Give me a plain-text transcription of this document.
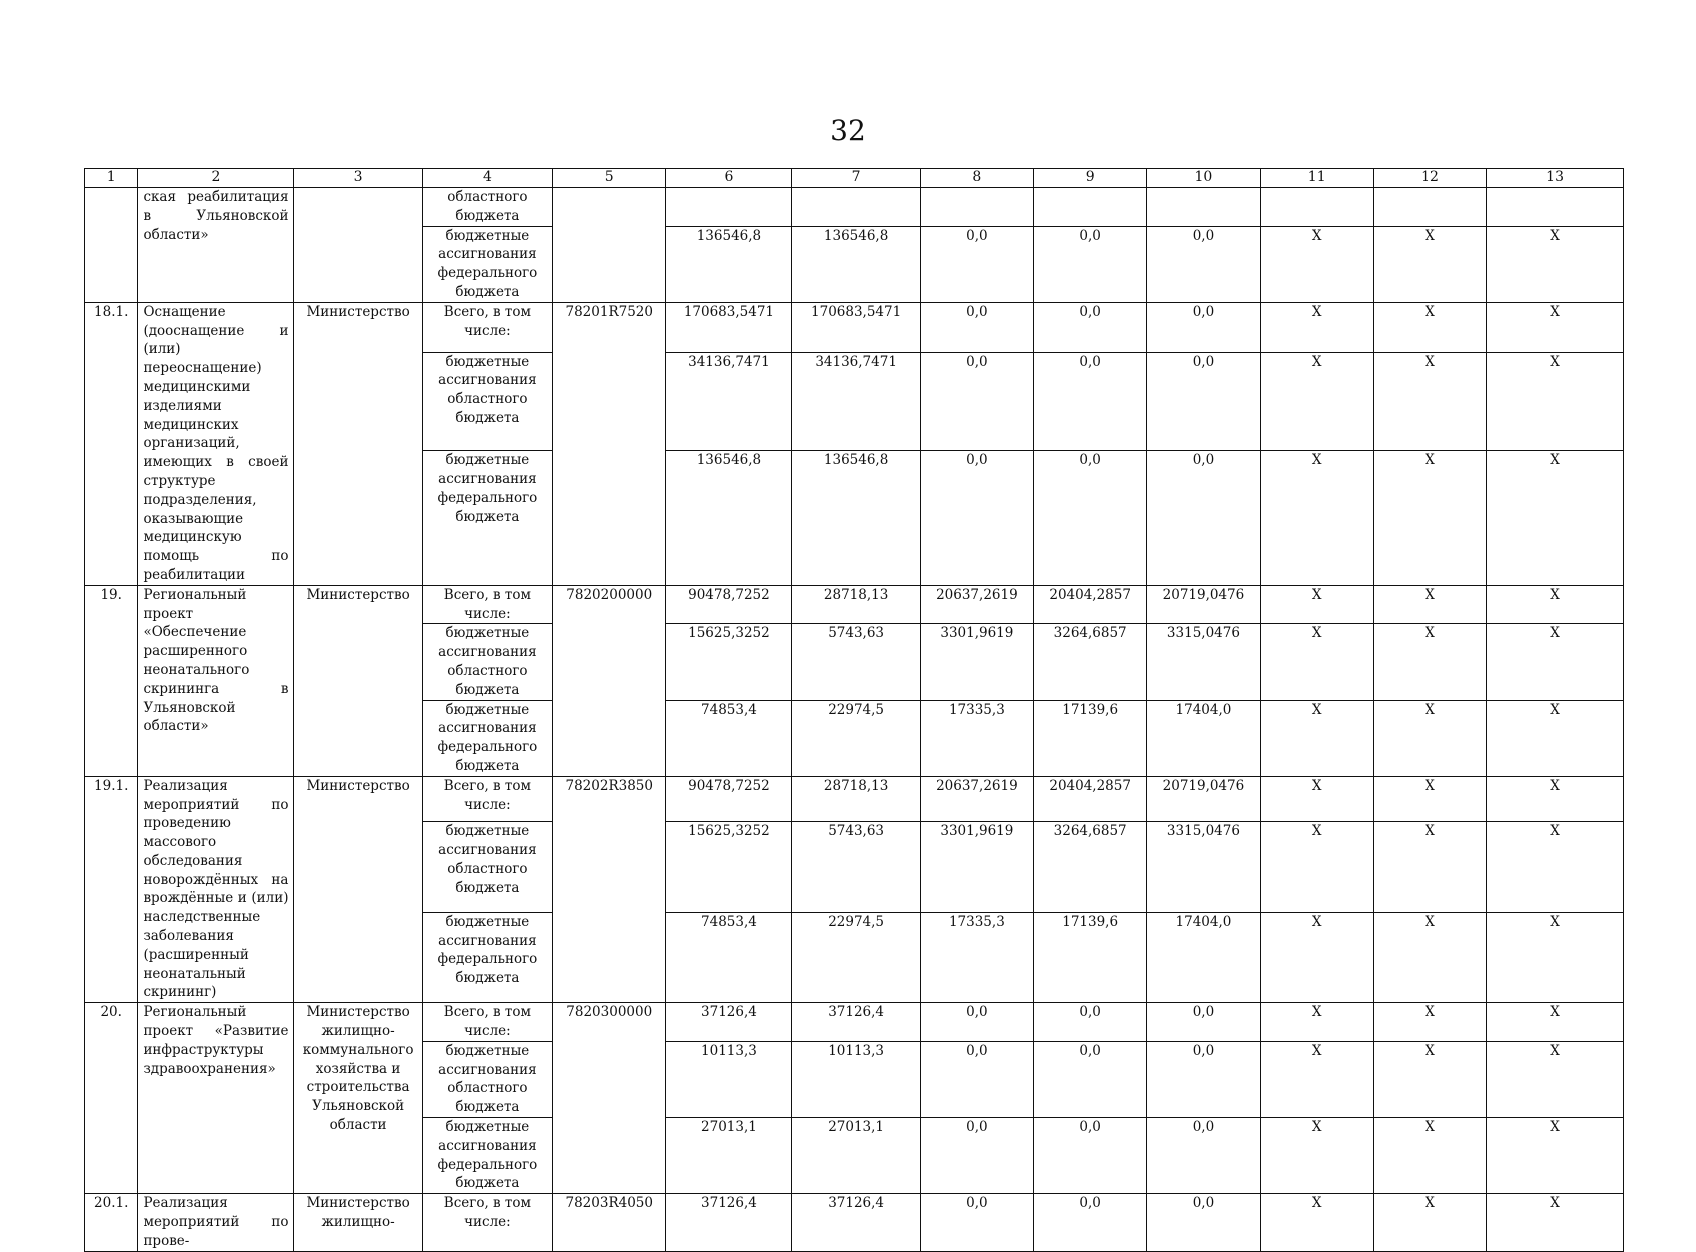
32
1	2	3	4	5	6	7	8	9	10	11	12	13
	ская реабилитация в Ульяновской области»		областного бюджета									
			бюджетные ассигнования федерального бюджета		136546,8	136546,8	0,0	0,0	0,0	X	X	X
18.1.	Оснащение (дооснащение и (или) переоснащение) медицинскими изделиями медицинских организаций, имеющих в своей структуре подразделения, оказывающие медицинскую помощь по реабилитации	Министерство	Всего, в том числе:	78201R7520	170683,5471	170683,5471	0,0	0,0	0,0	X	X	X
			бюджетные ассигнования областного бюджета		34136,7471	34136,7471	0,0	0,0	0,0	X	X	X
			бюджетные ассигнования федерального бюджета		136546,8	136546,8	0,0	0,0	0,0	X	X	X
19.	Региональный проект «Обеспечение расширенного неонатального скрининга в Ульяновской области»	Министерство	Всего, в том числе:	7820200000	90478,7252	28718,13	20637,2619	20404,2857	20719,0476	X	X	X
			бюджетные ассигнования областного бюджета		15625,3252	5743,63	3301,9619	3264,6857	3315,0476	X	X	X
			бюджетные ассигнования федерального бюджета		74853,4	22974,5	17335,3	17139,6	17404,0	X	X	X
19.1.	Реализация мероприятий по проведению массового обследования новорождённых на врождённые и (или) наследственные заболевания (расширенный неонатальный скрининг)	Министерство	Всего, в том числе:	78202R3850	90478,7252	28718,13	20637,2619	20404,2857	20719,0476	X	X	X
			бюджетные ассигнования областного бюджета		15625,3252	5743,63	3301,9619	3264,6857	3315,0476	X	X	X
			бюджетные ассигнования федерального бюджета		74853,4	22974,5	17335,3	17139,6	17404,0	X	X	X
20.	Региональный проект «Развитие инфраструктуры здравоохранения»	Министерство жилищно-коммунального хозяйства и строительства Ульяновской области	Всего, в том числе:	7820300000	37126,4	37126,4	0,0	0,0	0,0	X	X	X
			бюджетные ассигнования областного бюджета		10113,3	10113,3	0,0	0,0	0,0	X	X	X
			бюджетные ассигнования федерального бюджета		27013,1	27013,1	0,0	0,0	0,0	X	X	X
20.1.	Реализация мероприятий по прове-	Министерство жилищно-	Всего, в том числе:	78203R4050	37126,4	37126,4	0,0	0,0	0,0	X	X	X
